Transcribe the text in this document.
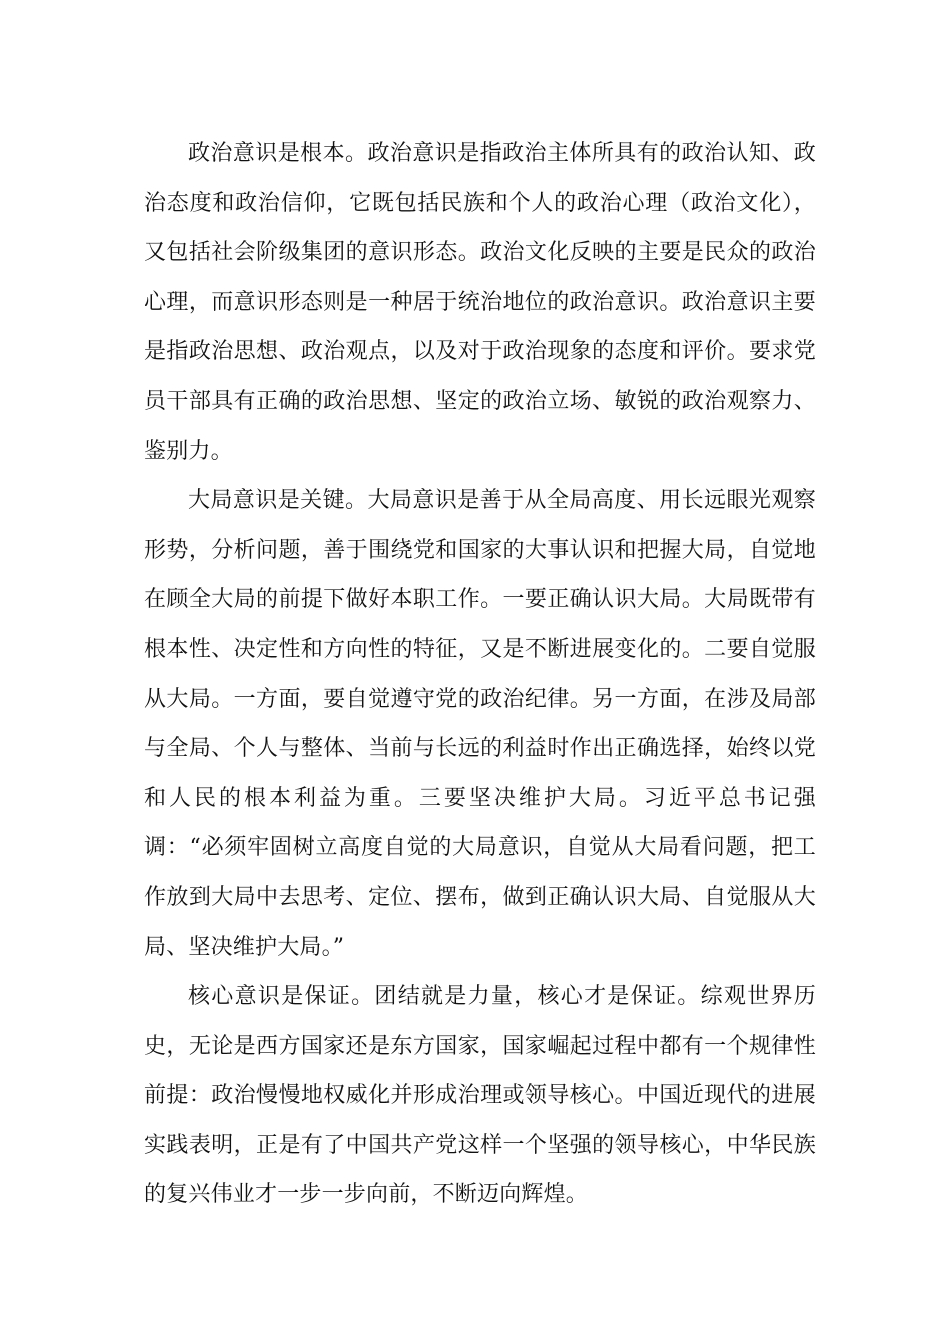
政治意识是根本。政治意识是指政治主体所具有的政治认知、政治态度和政治信仰，它既包括民族和个人的政治心理（政治文化），又包括社会阶级集团的意识形态。政治文化反映的主要是民众的政治心理，而意识形态则是一种居于统治地位的政治意识。政治意识主要是指政治思想、政治观点，以及对于政治现象的态度和评价。要求党员干部具有正确的政治思想、坚定的政治立场、敏锐的政治观察力、鉴别力。

大局意识是关键。大局意识是善于从全局高度、用长远眼光观察形势，分析问题，善于围绕党和国家的大事认识和把握大局，自觉地在顾全大局的前提下做好本职工作。一要正确认识大局。大局既带有根本性、决定性和方向性的特征，又是不断进展变化的。二要自觉服从大局。一方面，要自觉遵守党的政治纪律。另一方面，在涉及局部与全局、个人与整体、当前与长远的利益时作出正确选择，始终以党和人民的根本利益为重。三要坚决维护大局。习近平总书记强调：“必须牢固树立高度自觉的大局意识，自觉从大局看问题，把工作放到大局中去思考、定位、摆布，做到正确认识大局、自觉服从大局、坚决维护大局。”

核心意识是保证。团结就是力量，核心才是保证。综观世界历史，无论是西方国家还是东方国家，国家崛起过程中都有一个规律性前提：政治慢慢地权威化并形成治理或领导核心。中国近现代的进展实践表明，正是有了中国共产党这样一个坚强的领导核心，中华民族的复兴伟业才一步一步向前，不断迈向辉煌。
